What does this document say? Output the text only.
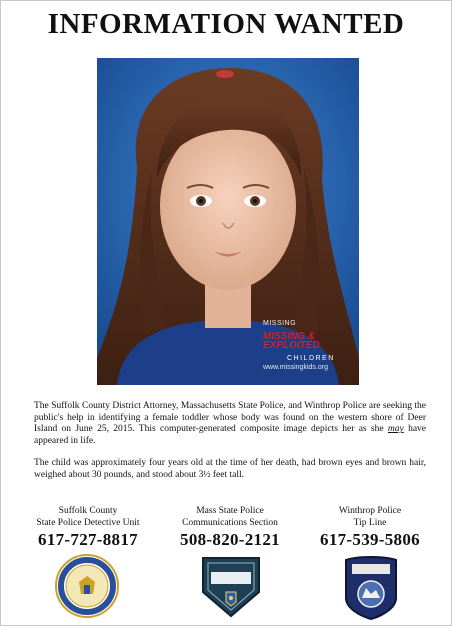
INFORMATION WANTED
MISSING
MISSING &
EXPLOITED
CHILDREN
www.missingkids.org
The Suffolk County District Attorney, Massachusetts State Police, and Winthrop Police are seeking the public's help in identifying a female toddler whose body was found on the western shore of Deer Island on June 25, 2015. This computer-generated composite image depicts her as she may have appeared in life.
The child was approximately four years old at the time of her death, had brown eyes and brown hair, weighed about 30 pounds, and stood about 3½ feet tall.
Suffolk County
State Police Detective Unit
617-727-8817
Mass State Police
Communications Section
508-820-2121
Winthrop Police
Tip Line
617-539-5806
